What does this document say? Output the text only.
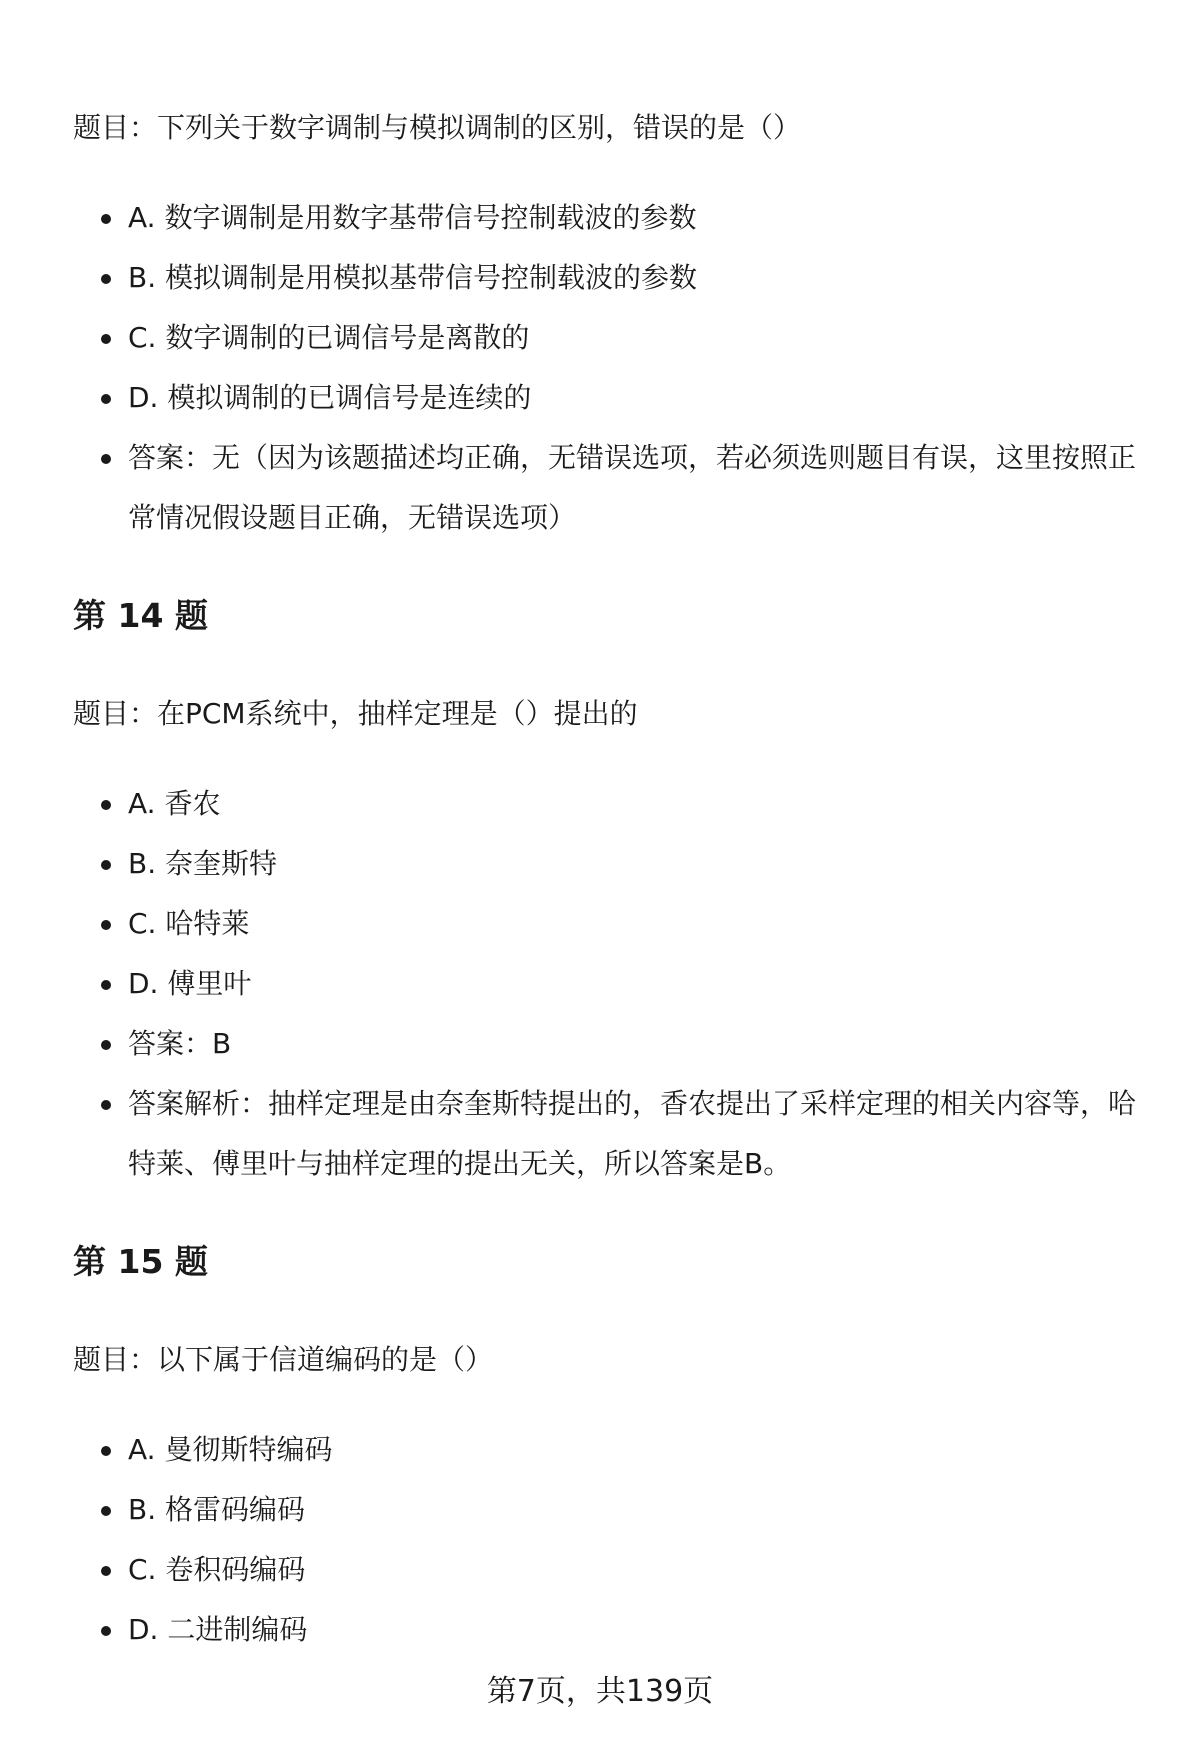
题目：下列关于数字调制与模拟调制的区别，错误的是（）
A. 数字调制是用数字基带信号控制载波的参数
B. 模拟调制是用模拟基带信号控制载波的参数
C. 数字调制的已调信号是离散的
D. 模拟调制的已调信号是连续的
答案：无（因为该题描述均正确，无错误选项，若必须选则题目有误，这里按照正常情况假设题目正确，无错误选项）
第 14 题
题目：在PCM系统中，抽样定理是（）提出的
A. 香农
B. 奈奎斯特
C. 哈特莱
D. 傅里叶
答案：B
答案解析：抽样定理是由奈奎斯特提出的，香农提出了采样定理的相关内容等，哈特莱、傅里叶与抽样定理的提出无关，所以答案是B。
第 15 题
题目：以下属于信道编码的是（）
A. 曼彻斯特编码
B. 格雷码编码
C. 卷积码编码
D. 二进制编码
第7页，共139页
